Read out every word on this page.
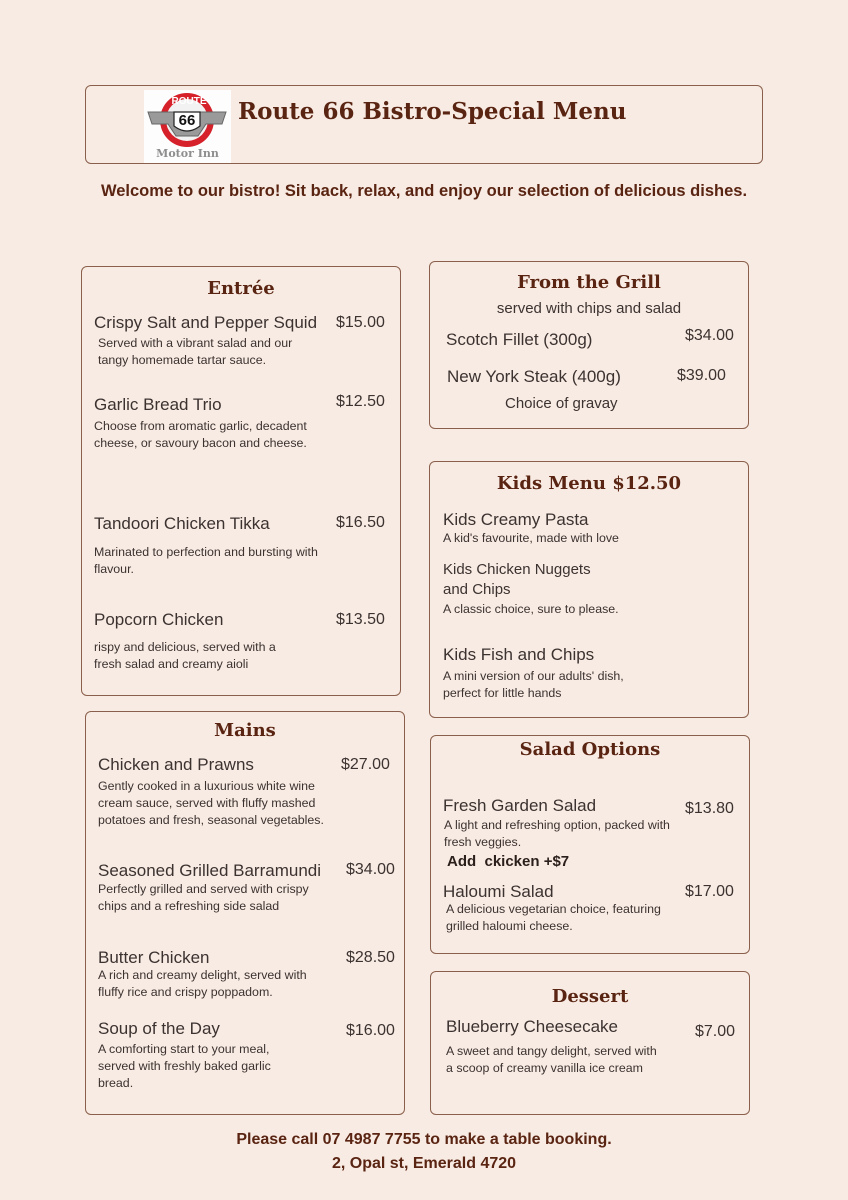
ROUTE
66
Motor Inn
Route 66 Bistro-Special Menu
Welcome to our bistro! Sit back, relax, and enjoy our selection of delicious dishes.
Entrée
Crispy Salt and Pepper Squid $15.00
Served with a vibrant salad and our tangy homemade tartar sauce.
Garlic Bread Trio	$12.50
Choose from aromatic garlic, decadent cheese, or savoury bacon and cheese.
Tandoori Chicken Tikka	$16.50
Marinated to perfection and bursting with flavour.
Popcorn Chicken	$13.50
rispy and delicious, served with a fresh salad and creamy aioli
Mains
Chicken and Prawns	$27.00
Gently cooked in a luxurious white wine cream sauce, served with fluffy mashed potatoes and fresh, seasonal vegetables.
Seasoned Grilled Barramundi $34.00
Perfectly grilled and served with crispy chips and a refreshing side salad
Butter Chicken	$28.50
A rich and creamy delight, served with fluffy rice and crispy poppadom.
Soup of the Day	$16.00
A comforting start to your meal, served with freshly baked garlic bread.
From the Grill
served with chips and salad
Scotch Fillet (300g)	$34.00
New York Steak (400g)	$39.00
Choice of gravay
Kids Menu $12.50
Kids Creamy Pasta
A kid's favourite, made with love
Kids Chicken Nuggets and Chips
A classic choice, sure to please.
Kids Fish and Chips
A mini version of our adults' dish, perfect for little hands
Salad Options
Fresh Garden Salad	$13.80
A light and refreshing option, packed with fresh veggies.
Add  ckicken +$7
Haloumi Salad	$17.00
A delicious vegetarian choice, featuring grilled haloumi cheese.
Dessert
Blueberry Cheesecake	$7.00
A sweet and tangy delight, served with a scoop of creamy vanilla ice cream
Please call 07 4987 7755 to make a table booking.
2, Opal st, Emerald 4720
